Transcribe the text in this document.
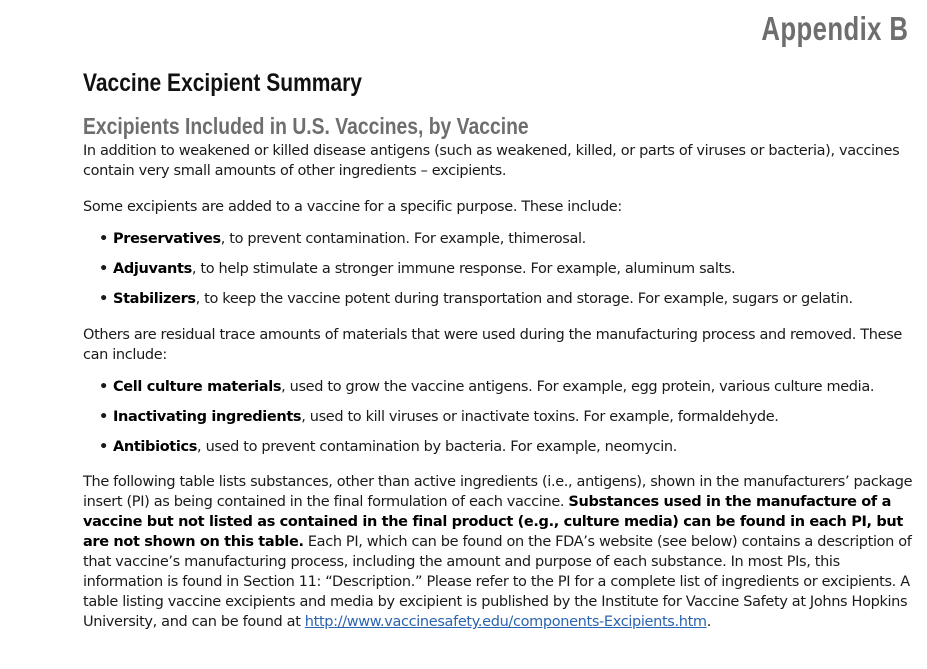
Appendix B
Vaccine Excipient Summary
Excipients Included in U.S. Vaccines, by Vaccine

In addition to weakened or killed disease antigens (such as weakened, killed, or parts of viruses or bacteria), vaccines contain very small amounts of other ingredients – excipients.

Some excipients are added to a vaccine for a specific purpose. These include:

• Preservatives, to prevent contamination. For example, thimerosal.
• Adjuvants, to help stimulate a stronger immune response. For example, aluminum salts.
• Stabilizers, to keep the vaccine potent during transportation and storage. For example, sugars or gelatin.

Others are residual trace amounts of materials that were used during the manufacturing process and removed. These can include:

• Cell culture materials, used to grow the vaccine antigens. For example, egg protein, various culture media.
• Inactivating ingredients, used to kill viruses or inactivate toxins. For example, formaldehyde.
• Antibiotics, used to prevent contamination by bacteria. For example, neomycin.

The following table lists substances, other than active ingredients (i.e., antigens), shown in the manufacturers’ package insert (PI) as being contained in the final formulation of each vaccine. Substances used in the manufacture of a vaccine but not listed as contained in the final product (e.g., culture media) can be found in each PI, but are not shown on this table. Each PI, which can be found on the FDA’s website (see below) contains a description of that vaccine’s manufacturing process, including the amount and purpose of each substance. In most PIs, this information is found in Section 11: “Description.” Please refer to the PI for a complete list of ingredients or excipients. A table listing vaccine excipients and media by excipient is published by the Institute for Vaccine Safety at Johns Hopkins University, and can be found at http://www.vaccinesafety.edu/components-Excipients.htm.
